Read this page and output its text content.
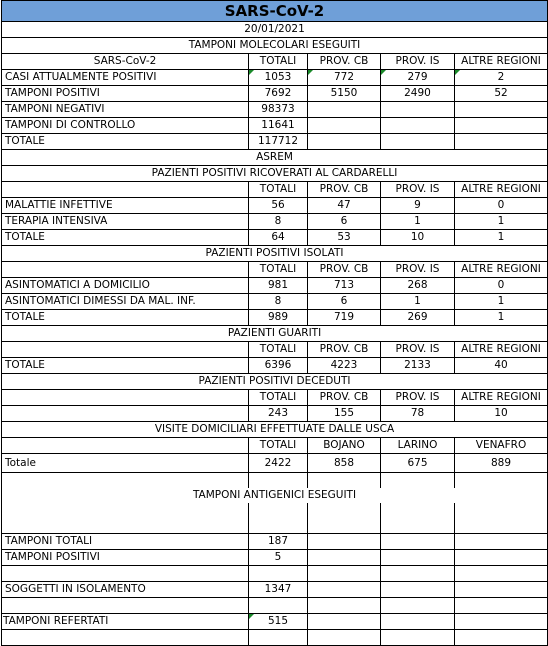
SARS-CoV-2				
20/01/2021				
TAMPONI MOLECOLARI ESEGUITI				
SARS-CoV-2	TOTALI	PROV. CB	PROV. IS	ALTRE REGIONI
CASI ATTUALMENTE POSITIVI	1053	772	279	2
TAMPONI POSITIVI	7692	5150	2490	52
TAMPONI NEGATIVI	98373			
TAMPONI DI CONTROLLO	11641			
TOTALE	117712			
ASREM				
PAZIENTI POSITIVI RICOVERATI AL CARDARELLI				
	TOTALI	PROV. CB	PROV. IS	ALTRE REGIONI
MALATTIE INFETTIVE	56	47	9	0
TERAPIA INTENSIVA	8	6	1	1
TOTALE	64	53	10	1
PAZIENTI POSITIVI ISOLATI				
	TOTALI	PROV. CB	PROV. IS	ALTRE REGIONI
ASINTOMATICI A DOMICILIO	981	713	268	0
ASINTOMATICI DIMESSI DA MAL. INF.	8	6	1	1
TOTALE	989	719	269	1
PAZIENTI GUARITI				
	TOTALI	PROV. CB	PROV. IS	ALTRE REGIONI
TOTALE	6396	4223	2133	40
PAZIENTI POSITIVI DECEDUTI				
	TOTALI	PROV. CB	PROV. IS	ALTRE REGIONI
	243	155	78	10
VISITE DOMICILIARI EFFETTUATE DALLE USCA				
	TOTALI	BOJANO	LARINO	VENAFRO
Totale	2422	858	675	889

TAMPONI ANTIGENICI ESEGUITI				

TAMPONI TOTALI	187			
TAMPONI POSITIVI	5			

SOGGETTI IN ISOLAMENTO	1347			

TAMPONI REFERTATI	515			
